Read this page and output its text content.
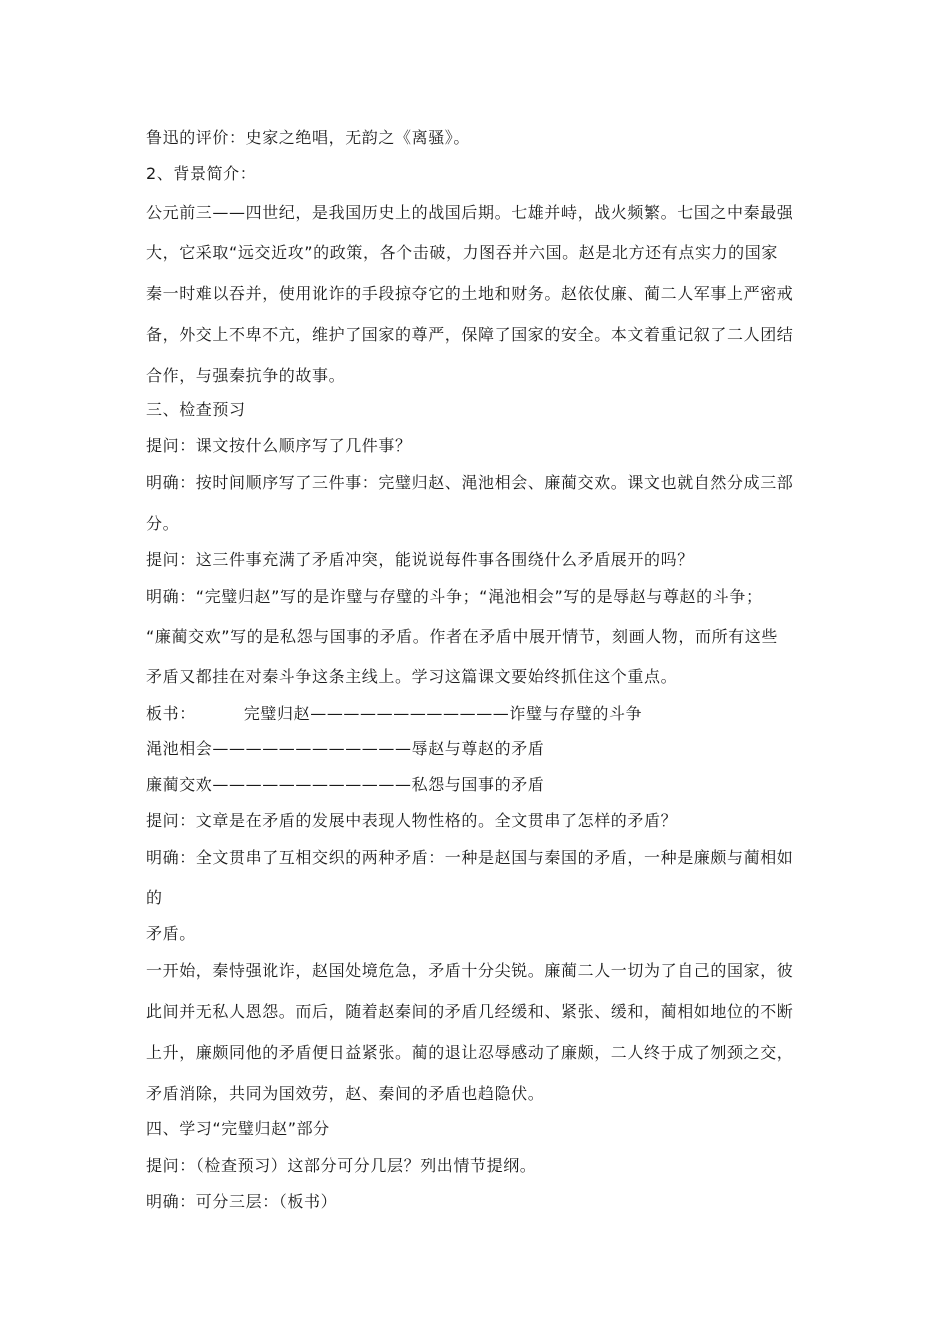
鲁迅的评价：史家之绝唱，无韵之《离骚》。
2、背景简介：
公元前三——四世纪，是我国历史上的战国后期。七雄并峙，战火频繁。七国之中秦最强
大，它采取“远交近攻”的政策，各个击破，力图吞并六国。赵是北方还有点实力的国家
秦一时难以吞并，使用讹诈的手段掠夺它的土地和财务。赵依仗廉、蔺二人军事上严密戒
备，外交上不卑不亢，维护了国家的尊严，保障了国家的安全。本文着重记叙了二人团结
合作，与强秦抗争的故事。
三、检查预习
提问：课文按什么顺序写了几件事？
明确：按时间顺序写了三件事：完璧归赵、渑池相会、廉蔺交欢。课文也就自然分成三部
分。
提问：这三件事充满了矛盾冲突，能说说每件事各围绕什么矛盾展开的吗？
明确：“完璧归赵”写的是诈璧与存璧的斗争；“渑池相会”写的是辱赵与尊赵的斗争；
“廉蔺交欢”写的是私怨与国事的矛盾。作者在矛盾中展开情节，刻画人物，而所有这些
矛盾又都挂在对秦斗争这条主线上。学习这篇课文要始终抓住这个重点。
板书：	完璧归赵————————————诈璧与存璧的斗争
渑池相会————————————辱赵与尊赵的矛盾
廉蔺交欢————————————私怨与国事的矛盾
提问：文章是在矛盾的发展中表现人物性格的。全文贯串了怎样的矛盾？
明确：全文贯串了互相交织的两种矛盾：一种是赵国与秦国的矛盾，一种是廉颇与蔺相如
的
矛盾。
一开始，秦恃强讹诈，赵国处境危急，矛盾十分尖锐。廉蔺二人一切为了自己的国家，彼
此间并无私人恩怨。而后，随着赵秦间的矛盾几经缓和、紧张、缓和，蔺相如地位的不断
上升，廉颇同他的矛盾便日益紧张。蔺的退让忍辱感动了廉颇，二人终于成了刎颈之交，
矛盾消除，共同为国效劳，赵、秦间的矛盾也趋隐伏。
四、学习“完璧归赵”部分
提问：（检查预习）这部分可分几层？列出情节提纲。
明确：可分三层：（板书）
